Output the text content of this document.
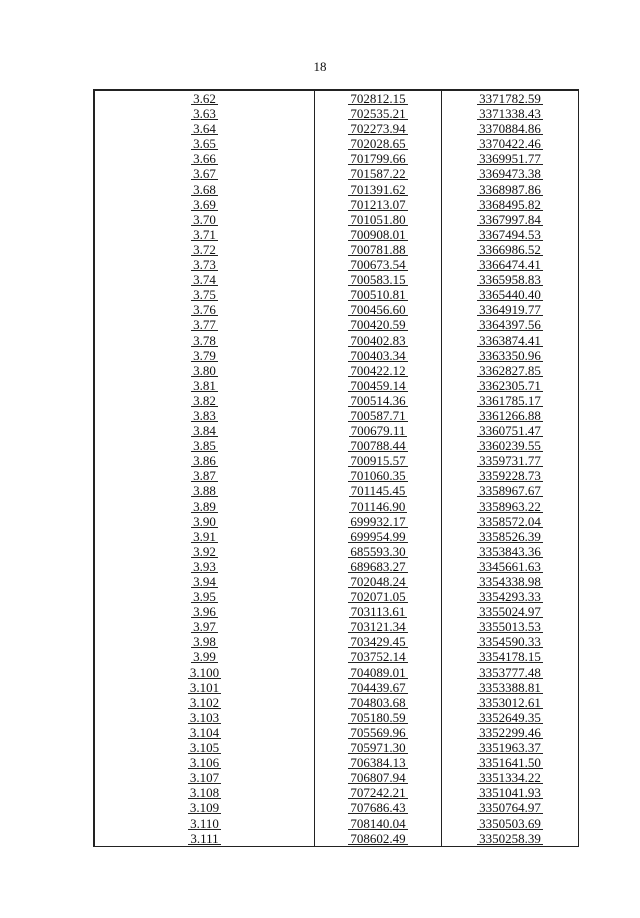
18
3.62	702812.15	3371782.59
3.63	702535.21	3371338.43
3.64	702273.94	3370884.86
3.65	702028.65	3370422.46
3.66	701799.66	3369951.77
3.67	701587.22	3369473.38
3.68	701391.62	3368987.86
3.69	701213.07	3368495.82
3.70	701051.80	3367997.84
3.71	700908.01	3367494.53
3.72	700781.88	3366986.52
3.73	700673.54	3366474.41
3.74	700583.15	3365958.83
3.75	700510.81	3365440.40
3.76	700456.60	3364919.77
3.77	700420.59	3364397.56
3.78	700402.83	3363874.41
3.79	700403.34	3363350.96
3.80	700422.12	3362827.85
3.81	700459.14	3362305.71
3.82	700514.36	3361785.17
3.83	700587.71	3361266.88
3.84	700679.11	3360751.47
3.85	700788.44	3360239.55
3.86	700915.57	3359731.77
3.87	701060.35	3359228.73
3.88	701145.45	3358967.67
3.89	701146.90	3358963.22
3.90	699932.17	3358572.04
3.91	699954.99	3358526.39
3.92	685593.30	3353843.36
3.93	689683.27	3345661.63
3.94	702048.24	3354338.98
3.95	702071.05	3354293.33
3.96	703113.61	3355024.97
3.97	703121.34	3355013.53
3.98	703429.45	3354590.33
3.99	703752.14	3354178.15
3.100	704089.01	3353777.48
3.101	704439.67	3353388.81
3.102	704803.68	3353012.61
3.103	705180.59	3352649.35
3.104	705569.96	3352299.46
3.105	705971.30	3351963.37
3.106	706384.13	3351641.50
3.107	706807.94	3351334.22
3.108	707242.21	3351041.93
3.109	707686.43	3350764.97
3.110	708140.04	3350503.69
3.111	708602.49	3350258.39
